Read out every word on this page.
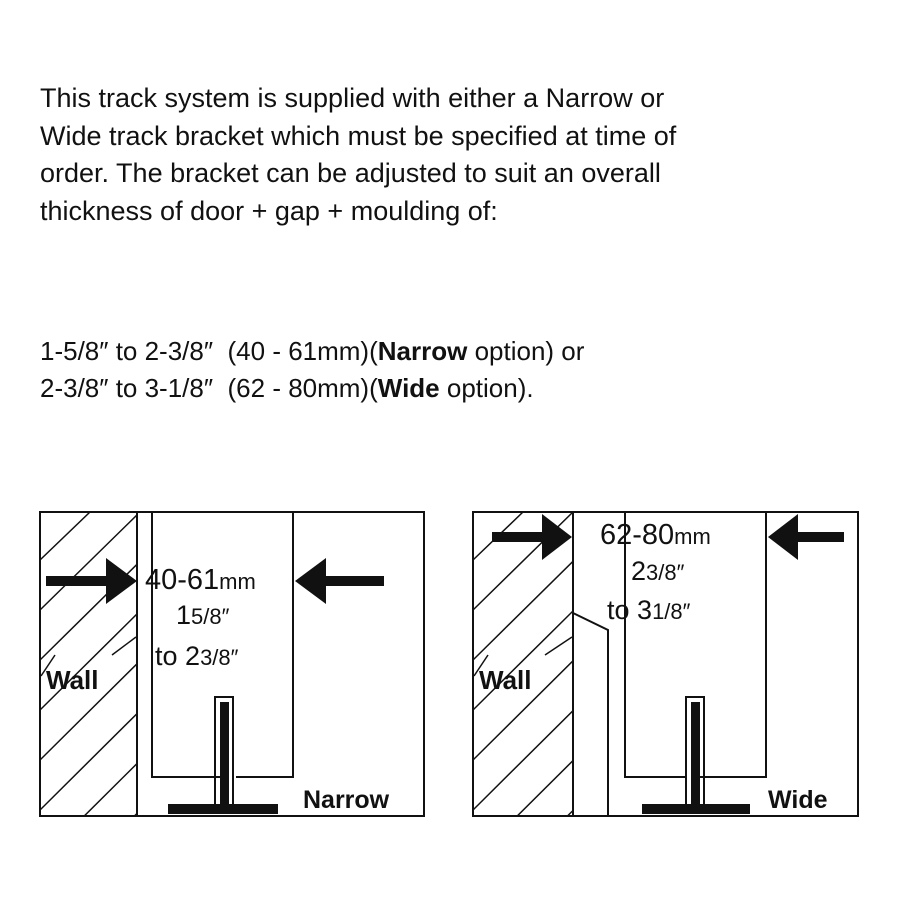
This track system is supplied with either a Narrow or
Wide track bracket which must be specified at time of
order. The bracket can be adjusted to suit an overall
thickness of door + gap + moulding of:
1-5/8″ to 2-3/8″ (40 - 61mm)(Narrow option) or
2-3/8″ to 3-1/8″ (62 - 80mm)(Wide option).
Wall
40-61mm
15/8″
to 23/8″
Narrow
Wall
62-80mm
23/8″
to 31/8″
Wide
